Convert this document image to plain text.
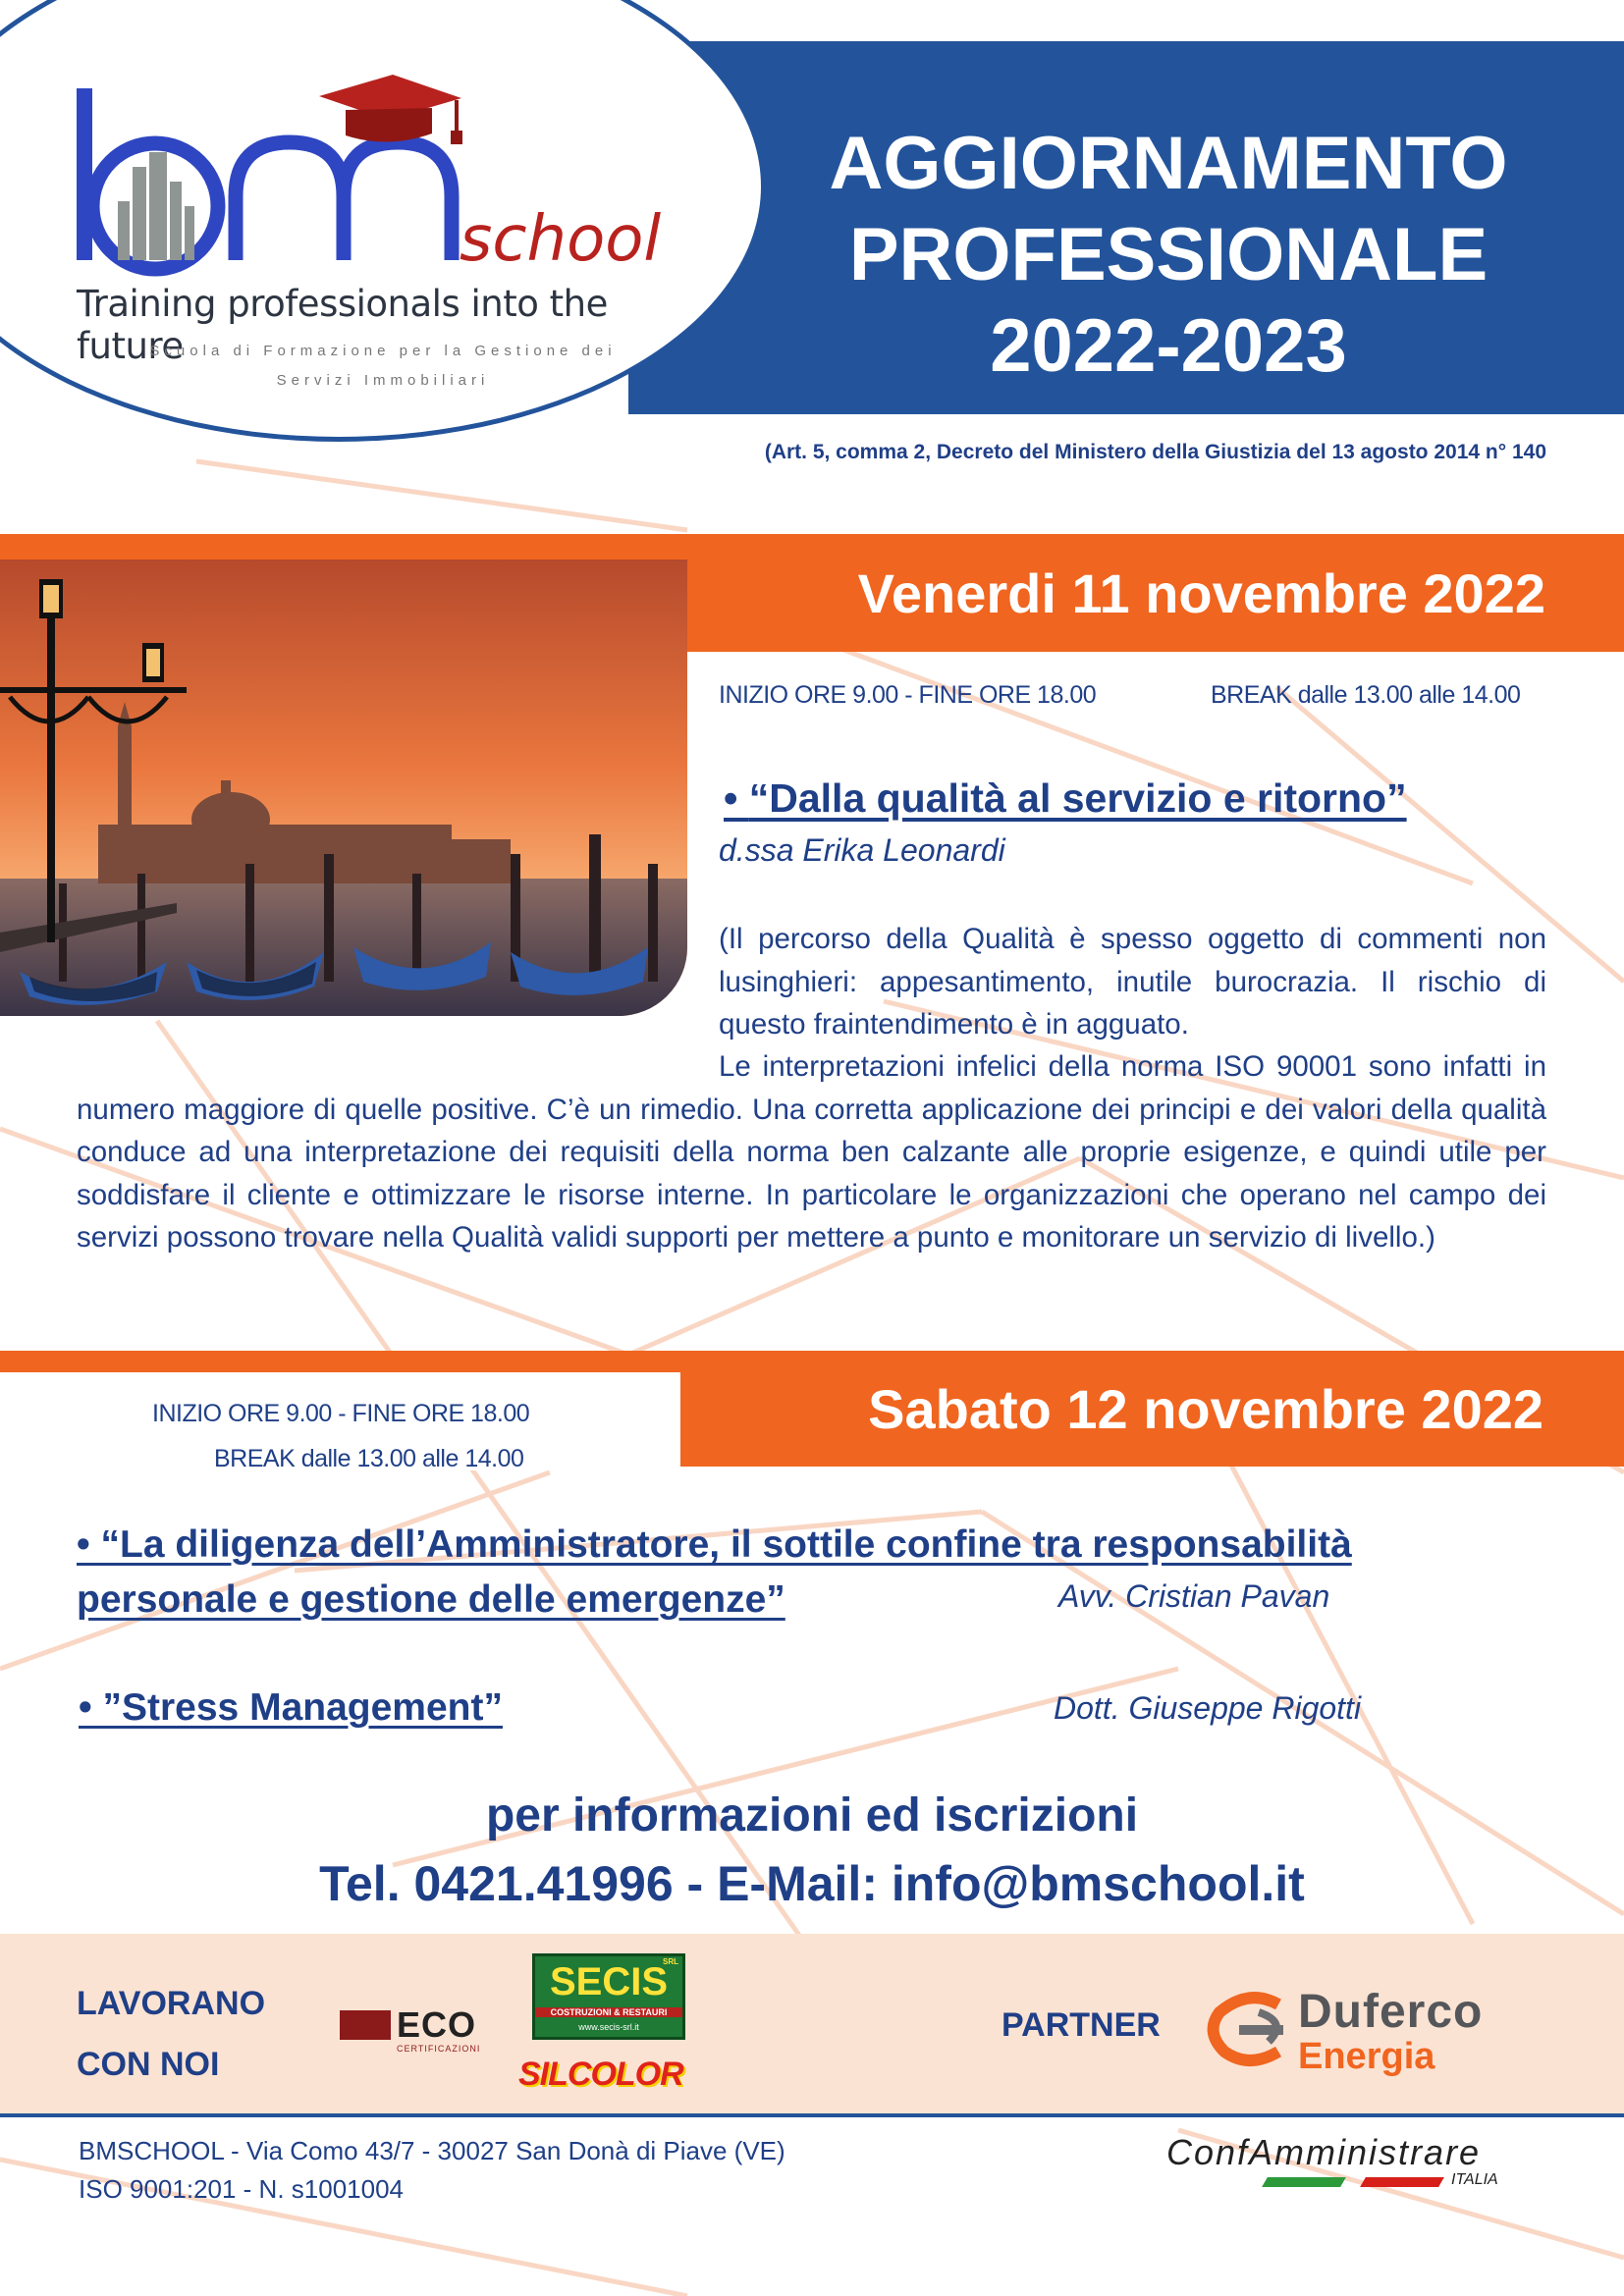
school
Training professionals into the future
Scuola di Formazione per la Gestione dei
Servizi Immobiliari
AGGIORNAMENTO
PROFESSIONALE
2022-2023
(Art. 5, comma 2, Decreto del Ministero della Giustizia del 13 agosto 2014 n° 140
Venerdi 11 novembre 2022
INIZIO ORE 9.00 - FINE ORE 18.00	BREAK dalle 13.00 alle 14.00
• “Dalla qualità al servizio e ritorno”
d.ssa Erika Leonardi
(Il percorso della Qualità è spesso oggetto di commenti non lusinghieri: appesantimento, inutile burocrazia. Il rischio di questo fraintendimento è in agguato.
Le interpretazioni infelici della norma ISO 90001 sono infatti in numero maggiore di quelle positive. C’è un rimedio. Una corretta applicazione dei principi e dei valori della qualità conduce ad una interpretazione dei requisiti della norma ben calzante alle proprie esigenze, e quindi utile per soddisfare il cliente e ottimizzare le risorse interne. In particolare le organizzazioni che operano nel campo dei servizi possono trovare nella Qualità validi supporti per mettere a punto e monitorare un servizio di livello.)
Sabato 12 novembre 2022
INIZIO ORE 9.00 - FINE ORE 18.00
BREAK dalle 13.00 alle 14.00
• “La diligenza dell’Amministratore, il sottile confine tra responsabilità
personale e gestione delle emergenze”	Avv. Cristian Pavan
• ”Stress Management”	Dott. Giuseppe Rigotti
per informazioni ed iscrizioni
Tel. 0421.41996 - E-Mail: info@bmschool.it
LAVORANO
CON NOI
ECO
CERTIFICAZIONI
SRL
SECIS
COSTRUZIONI & RESTAURI
www.secis-srl.it
SILCOLOR
PARTNER	Duferco
Energia
BMSCHOOL - Via Como 43/7 - 30027 San Donà di Piave (VE)
ISO 9001:201 - N. s1001004
ConfAmministrare
ITALIA
